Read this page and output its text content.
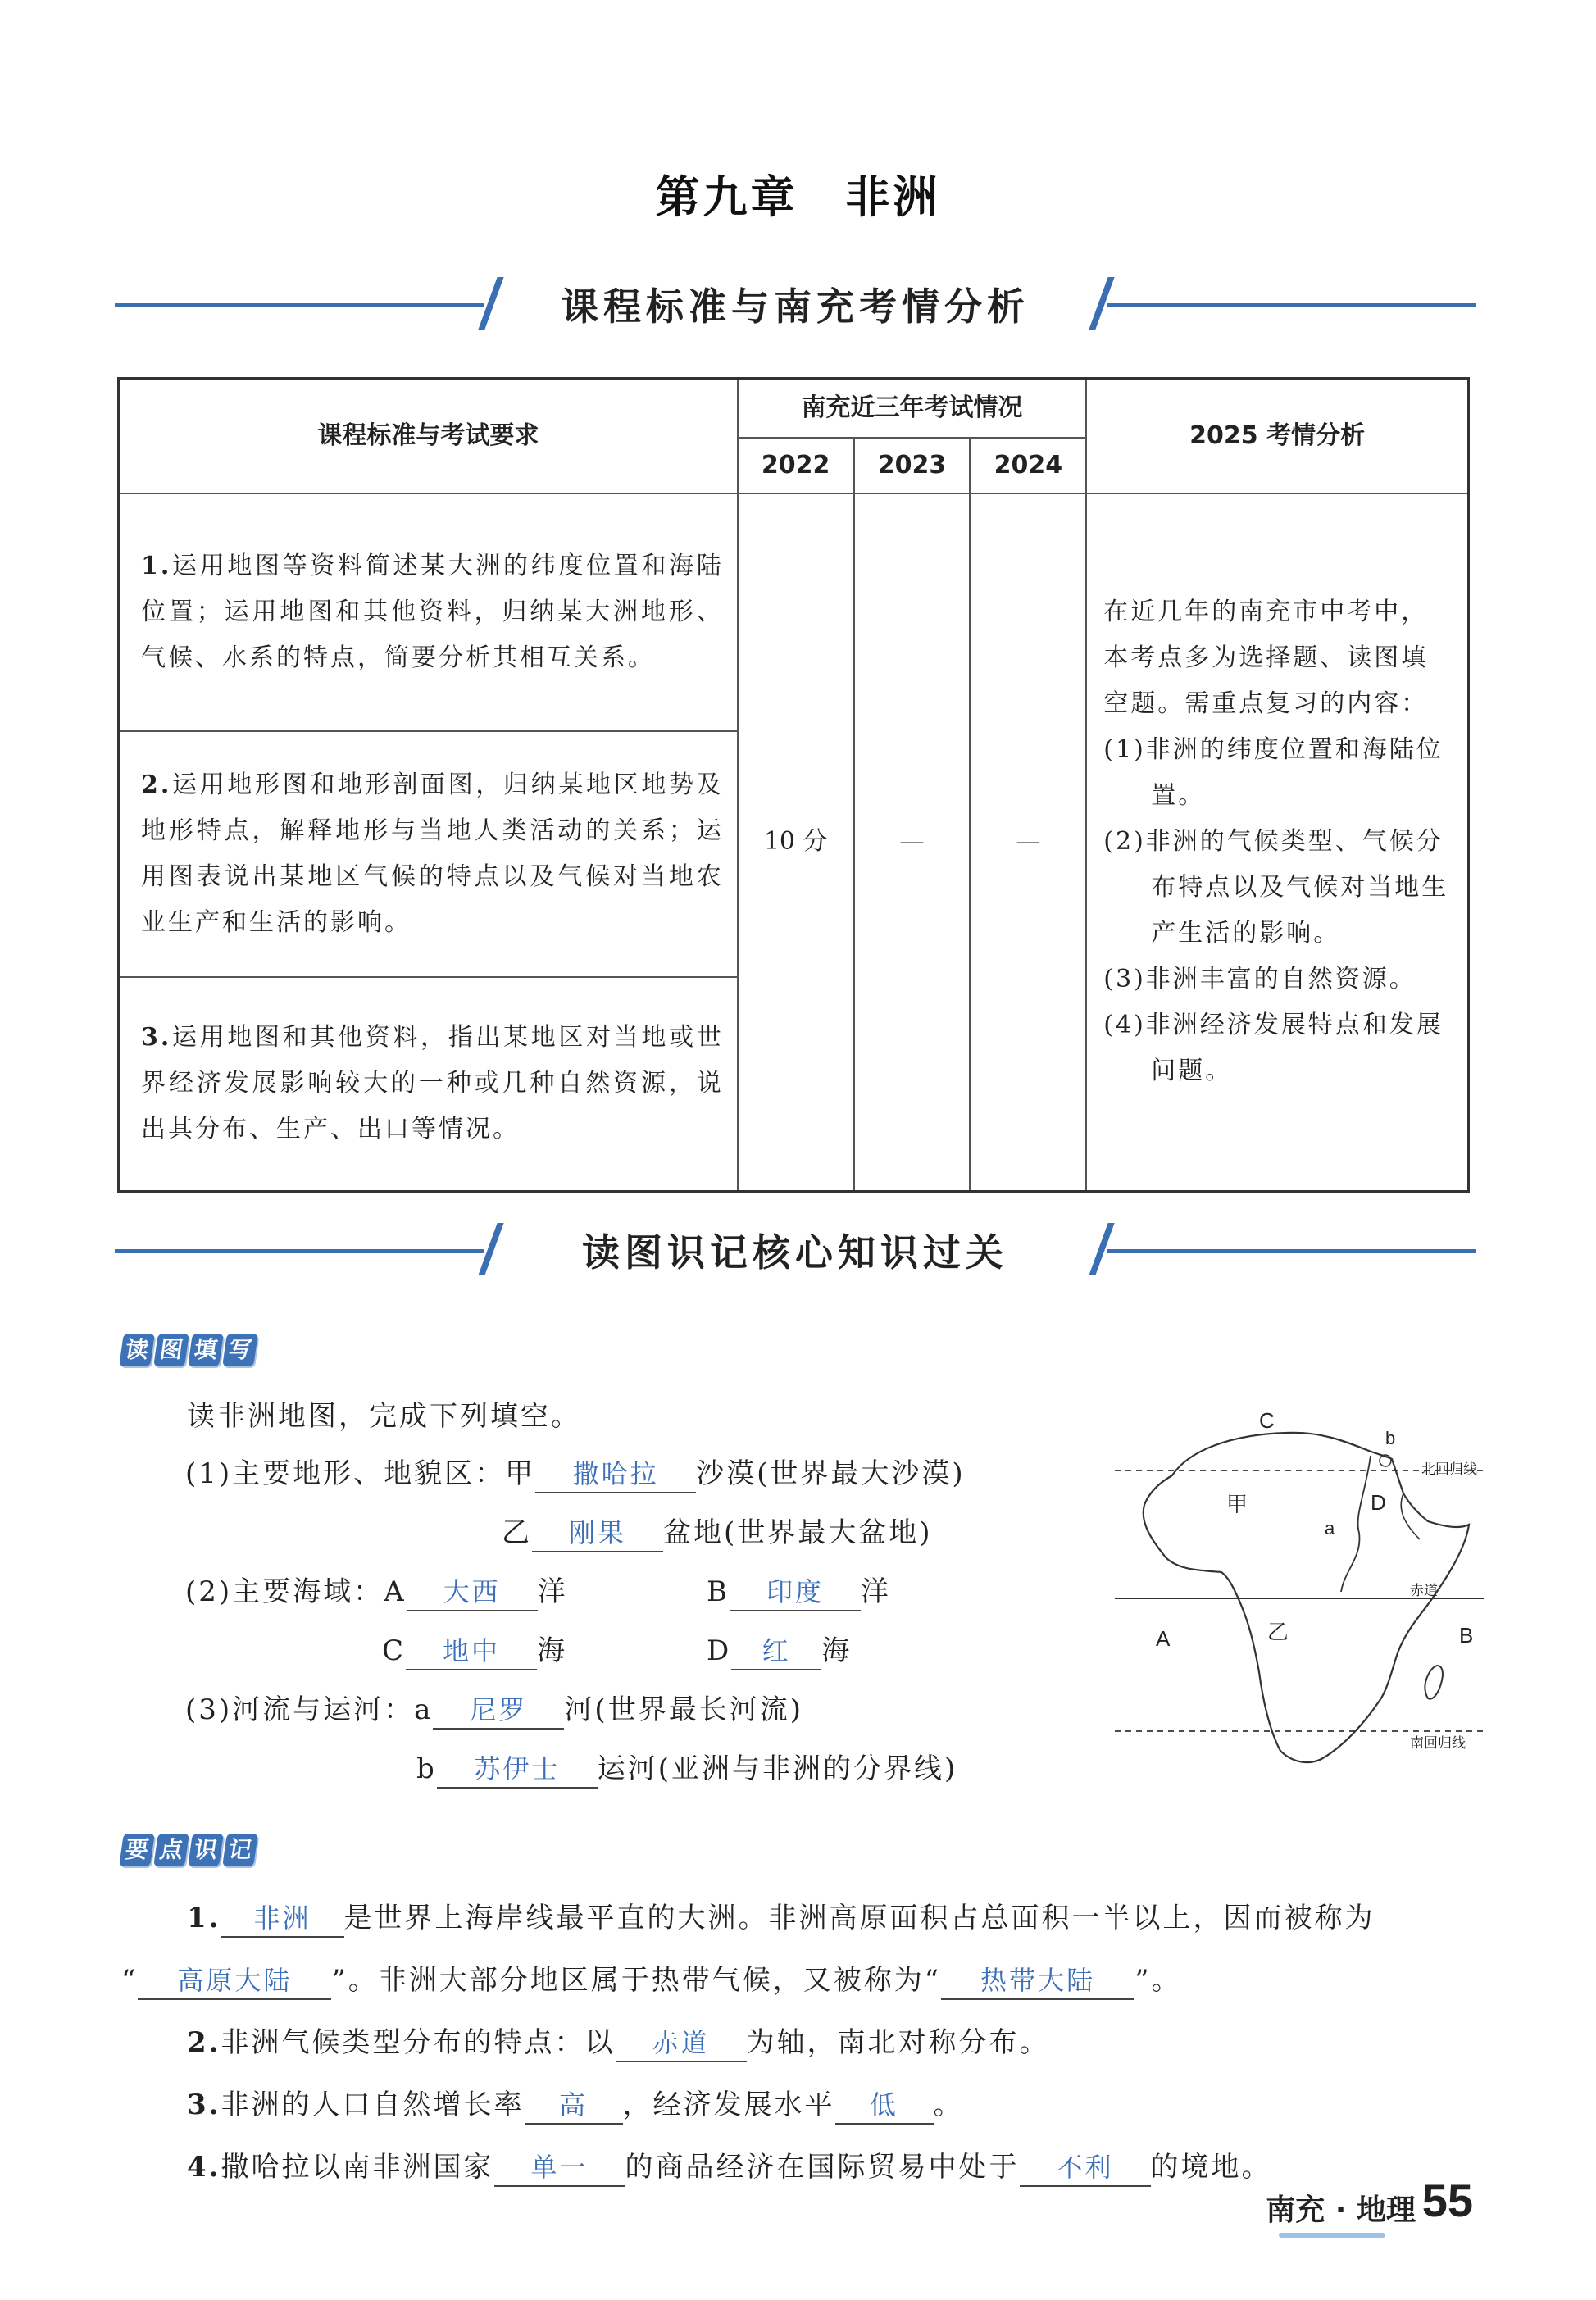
第九章　非洲
课程标准与南充考情分析
课程标准与考试要求	南充近三年考试情况			2025 考情分析
	2022	2023	2024	
1.运用地图等资料简述某大洲的纬度位置和海陆位置；运用地图和其他资料，归纳某大洲地形、气候、水系的特点，简要分析其相互关系。	10 分	—	—	在近几年的南充市中考中，本考点多为选择题、读图填空题。需重点复习的内容：
(1)非洲的纬度位置和海陆位置。
(2)非洲的气候类型、气候分布特点以及气候对当地生产生活的影响。
(3)非洲丰富的自然资源。
(4)非洲经济发展特点和发展问题。

2.运用地形图和地形剖面图，归纳某地区地势及地形特点，解释地形与当地人类活动的关系；运用图表说出某地区气候的特点以及气候对当地农业生产和生活的影响。				
3.运用地图和其他资料，指出某地区对当地或世界经济发展影响较大的一种或几种自然资源，说出其分布、生产、出口等情况。				
读图识记核心知识过关
读 图 填 写
读非洲地图，完成下列填空。
(1)主要地形、地貌区：甲 撒哈拉 沙漠(世界最大沙漠)
乙 刚果 盆地(世界最大盆地)
(2)主要海域：A 大西 洋	B 印度 洋
C 地中 海	D 红 海
(3)河流与运河：a 尼罗 河(世界最长河流)
b 苏伊士 运河(亚洲与非洲的分界线)
C
b
北回归线
甲	D
a
赤道
A	乙	B
南回归线
要 点 识 记
1. 非洲 是世界上海岸线最平直的大洲。非洲高原面积占总面积一半以上，因而被称为
“ 高原大陆 ”。非洲大部分地区属于热带气候，又被称为“ 热带大陆 ”。
2.非洲气候类型分布的特点：以 赤道 为轴，南北对称分布。
3.非洲的人口自然增长率 高 ，经济发展水平 低 。
4.撒哈拉以南非洲国家 单一 的商品经济在国际贸易中处于 不利 的境地。
南充 · 地理 55
